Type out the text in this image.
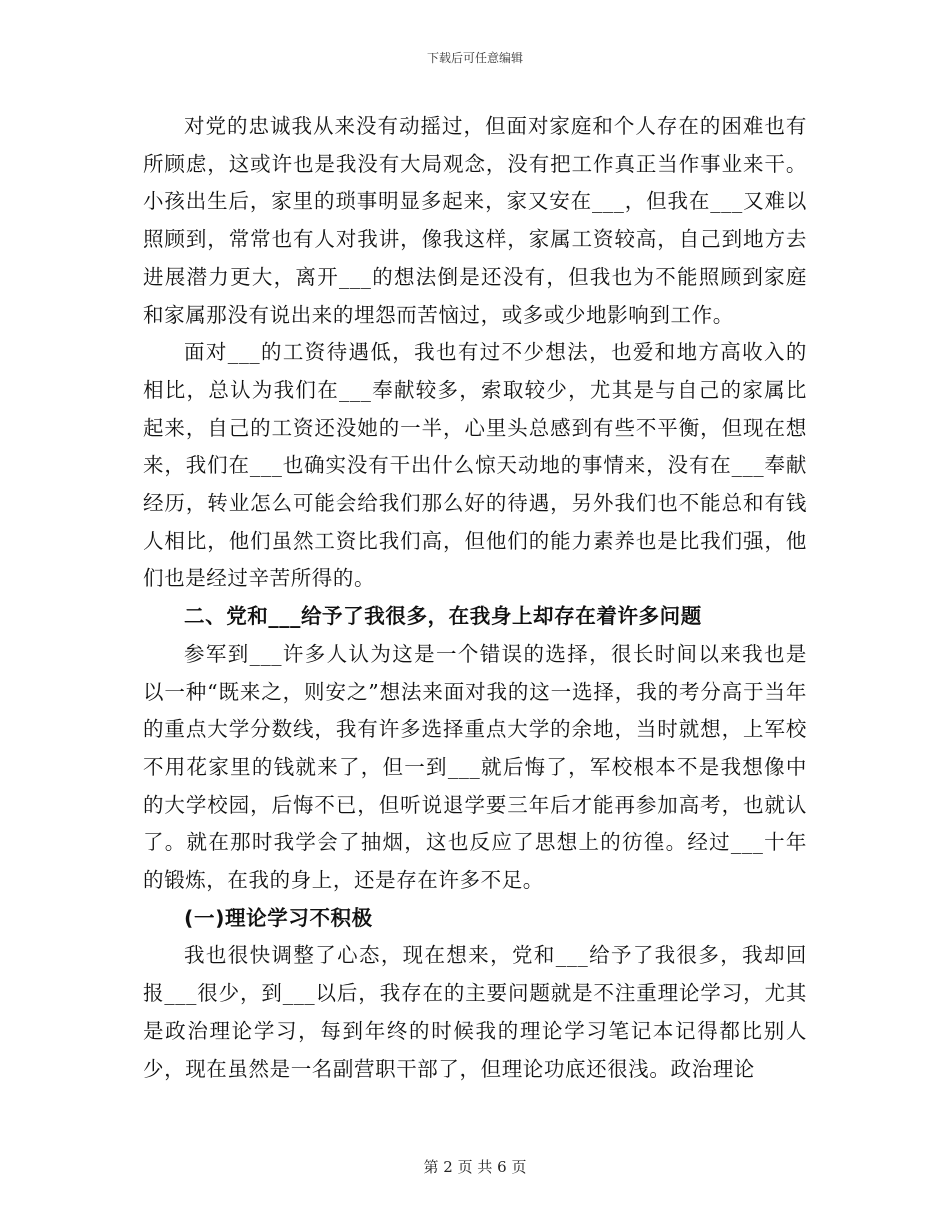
下载后可任意编辑

对党的忠诚我从来没有动摇过，但面对家庭和个人存在的困难也有所顾虑，这或许也是我没有大局观念，没有把工作真正当作事业来干。小孩出生后，家里的琐事明显多起来，家又安在___，但我在___又难以照顾到，常常也有人对我讲，像我这样，家属工资较高，自己到地方去进展潜力更大，离开___的想法倒是还没有，但我也为不能照顾到家庭和家属那没有说出来的埋怨而苦恼过，或多或少地影响到工作。

面对___的工资待遇低，我也有过不少想法，也爱和地方高收入的相比，总认为我们在___奉献较多，索取较少，尤其是与自己的家属比起来，自己的工资还没她的一半，心里头总感到有些不平衡，但现在想来，我们在___也确实没有干出什么惊天动地的事情来，没有在___奉献经历，转业怎么可能会给我们那么好的待遇，另外我们也不能总和有钱人相比，他们虽然工资比我们高，但他们的能力素养也是比我们强，他们也是经过辛苦所得的。

二、党和___给予了我很多，在我身上却存在着许多问题

参军到___许多人认为这是一个错误的选择，很长时间以来我也是以一种“既来之，则安之”想法来面对我的这一选择，我的考分高于当年的重点大学分数线，我有许多选择重点大学的余地，当时就想，上军校不用花家里的钱就来了，但一到___就后悔了，军校根本不是我想像中的大学校园，后悔不已，但听说退学要三年后才能再参加高考，也就认了。就在那时我学会了抽烟，这也反应了思想上的彷徨。经过___十年的锻炼，在我的身上，还是存在许多不足。

(一)理论学习不积极

我也很快调整了心态，现在想来，党和___给予了我很多，我却回报___很少，到___以后，我存在的主要问题就是不注重理论学习，尤其是政治理论学习，每到年终的时候我的理论学习笔记本记得都比别人少，现在虽然是一名副营职干部了，但理论功底还很浅。政治理论

第 2 页 共 6 页
